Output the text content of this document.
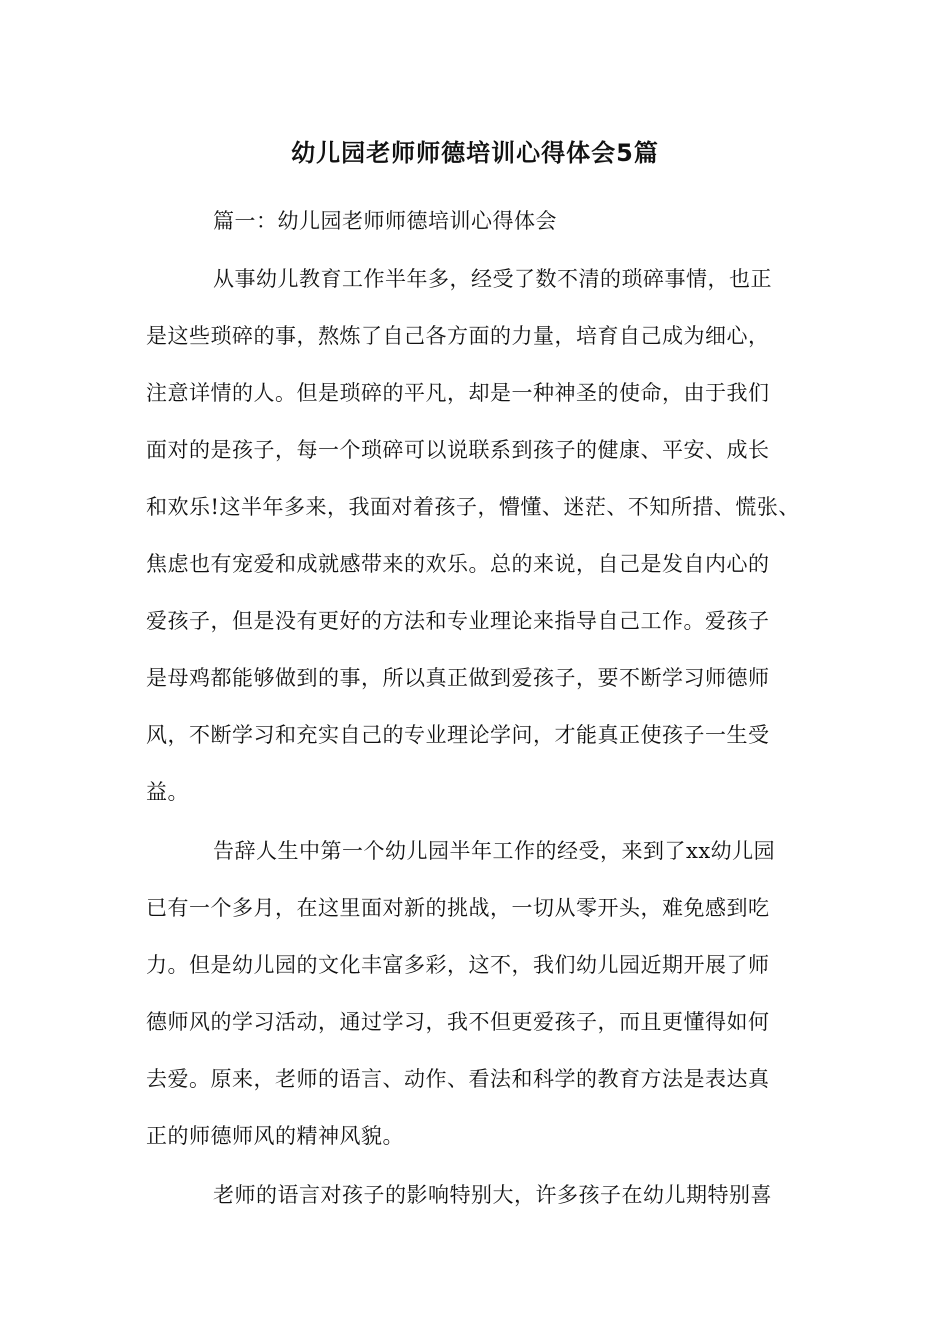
幼儿园老师师德培训心得体会5篇
篇一：幼儿园老师师德培训心得体会
从事幼儿教育工作半年多，经受了数不清的琐碎事情，也正
是这些琐碎的事，熬炼了自己各方面的力量，培育自己成为细心，
注意详情的人。但是琐碎的平凡，却是一种神圣的使命，由于我们
面对的是孩子，每一个琐碎可以说联系到孩子的健康、平安、成长
和欢乐!这半年多来，我面对着孩子，懵懂、迷茫、不知所措、慌张、
焦虑也有宠爱和成就感带来的欢乐。总的来说，自己是发自内心的
爱孩子，但是没有更好的方法和专业理论来指导自己工作。爱孩子
是母鸡都能够做到的事，所以真正做到爱孩子，要不断学习师德师
风，不断学习和充实自己的专业理论学问，才能真正使孩子一生受
益。
告辞人生中第一个幼儿园半年工作的经受，来到了xx幼儿园
已有一个多月，在这里面对新的挑战，一切从零开头，难免感到吃
力。但是幼儿园的文化丰富多彩，这不，我们幼儿园近期开展了师
德师风的学习活动，通过学习，我不但更爱孩子，而且更懂得如何
去爱。原来，老师的语言、动作、看法和科学的教育方法是表达真
正的师德师风的精神风貌。
老师的语言对孩子的影响特别大，许多孩子在幼儿期特别喜
